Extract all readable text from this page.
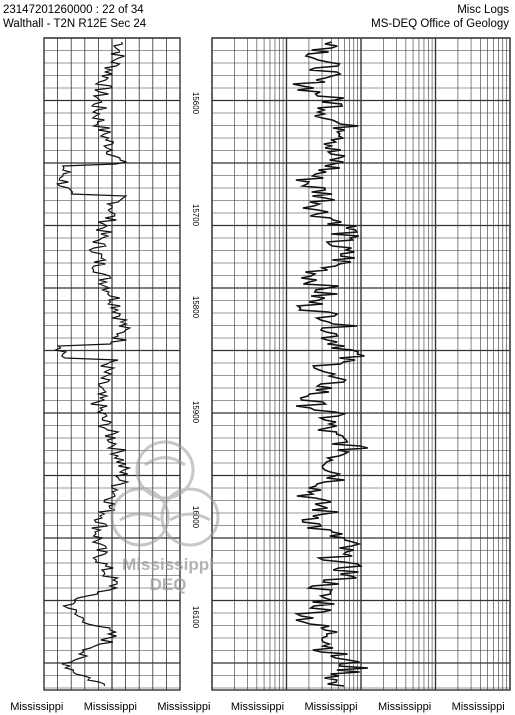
23147201260000 : 22 of 34
Walthall - T2N R12E Sec 24
Misc Logs
MS-DEQ Office of Geology
15600
15700
15800
15900
16000
16100
Mississippi
DEQ
Mississippi Mississippi Mississippi Mississippi Mississippi Mississippi Mississippi
